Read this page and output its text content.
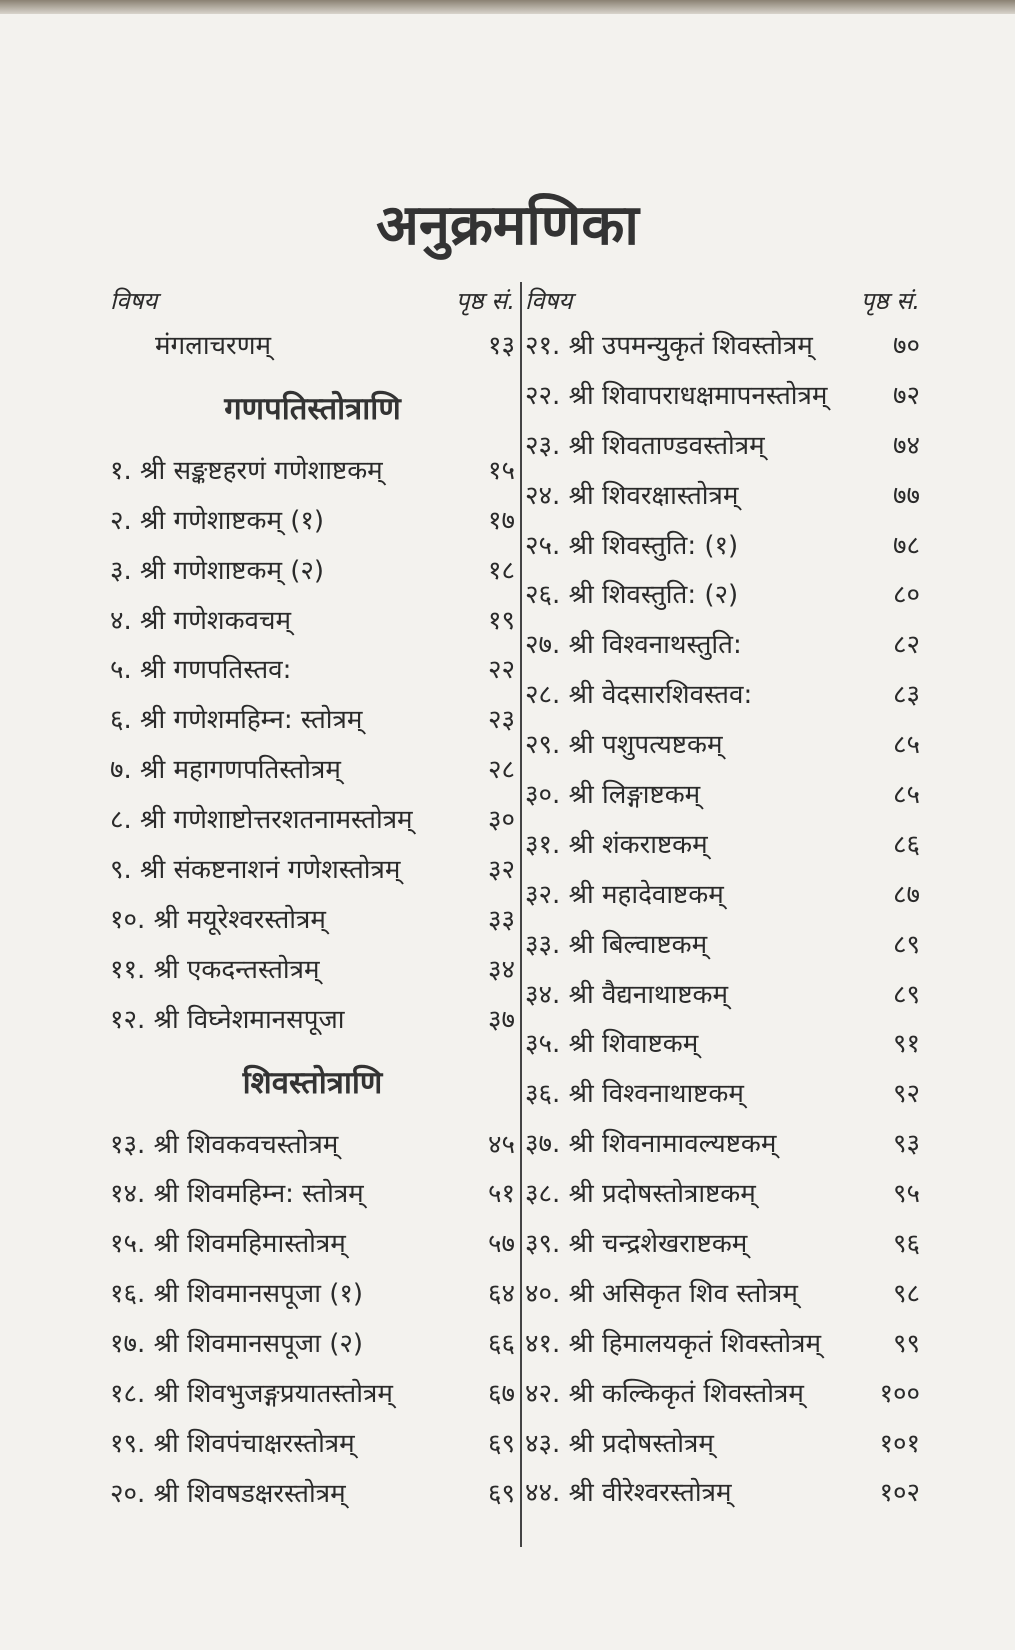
अनुक्रमणिका
विषय	पृष्ठ सं.
मंगलाचरणम्	१३
गणपतिस्तोत्राणि
१. श्री सङ्कष्टहरणं गणेशाष्टकम्	१५
२. श्री गणेशाष्टकम् (१)	१७
३. श्री गणेशाष्टकम् (२)	१८
४. श्री गणेशकवचम्	१९
५. श्री गणपतिस्तव:	२२
६. श्री गणेशमहिम्न: स्तोत्रम्	२३
७. श्री महागणपतिस्तोत्रम्	२८
८. श्री गणेशाष्टोत्तरशतनामस्तोत्रम्	३०
९. श्री संकष्टनाशनं गणेशस्तोत्रम्	३२
१०. श्री मयूरेश्वरस्तोत्रम्	३३
११. श्री एकदन्तस्तोत्रम्	३४
१२. श्री विघ्नेशमानसपूजा	३७
शिवस्तोत्राणि
१३. श्री शिवकवचस्तोत्रम्	४५
१४. श्री शिवमहिम्न: स्तोत्रम्	५१
१५. श्री शिवमहिमास्तोत्रम्	५७
१६. श्री शिवमानसपूजा (१)	६४
१७. श्री शिवमानसपूजा (२)	६६
१८. श्री शिवभुजङ्गप्रयातस्तोत्रम्	६७
१९. श्री शिवपंचाक्षरस्तोत्रम्	६९
२०. श्री शिवषडक्षरस्तोत्रम्	६९
विषय	पृष्ठ सं.
२१. श्री उपमन्युकृतं शिवस्तोत्रम्	७०
२२. श्री शिवापराधक्षमापनस्तोत्रम्	७२
२३. श्री शिवताण्डवस्तोत्रम्	७४
२४. श्री शिवरक्षास्तोत्रम्	७७
२५. श्री शिवस्तुति: (१)	७८
२६. श्री शिवस्तुति: (२)	८०
२७. श्री विश्वनाथस्तुति:	८२
२८. श्री वेदसारशिवस्तव:	८३
२९. श्री पशुपत्यष्टकम्	८५
३०. श्री लिङ्गाष्टकम्	८५
३१. श्री शंकराष्टकम्	८६
३२. श्री महादेवाष्टकम्	८७
३३. श्री बिल्वाष्टकम्	८९
३४. श्री वैद्यनाथाष्टकम्	८९
३५. श्री शिवाष्टकम्	९१
३६. श्री विश्वनाथाष्टकम्	९२
३७. श्री शिवनामावल्यष्टकम्	९३
३८. श्री प्रदोषस्तोत्राष्टकम्	९५
३९. श्री चन्द्रशेखराष्टकम्	९६
४०. श्री असिकृत शिव स्तोत्रम्	९८
४१. श्री हिमालयकृतं शिवस्तोत्रम्	९९
४२. श्री कल्किकृतं शिवस्तोत्रम्	१००
४३. श्री प्रदोषस्तोत्रम्	१०१
४४. श्री वीरेश्वरस्तोत्रम्	१०२
